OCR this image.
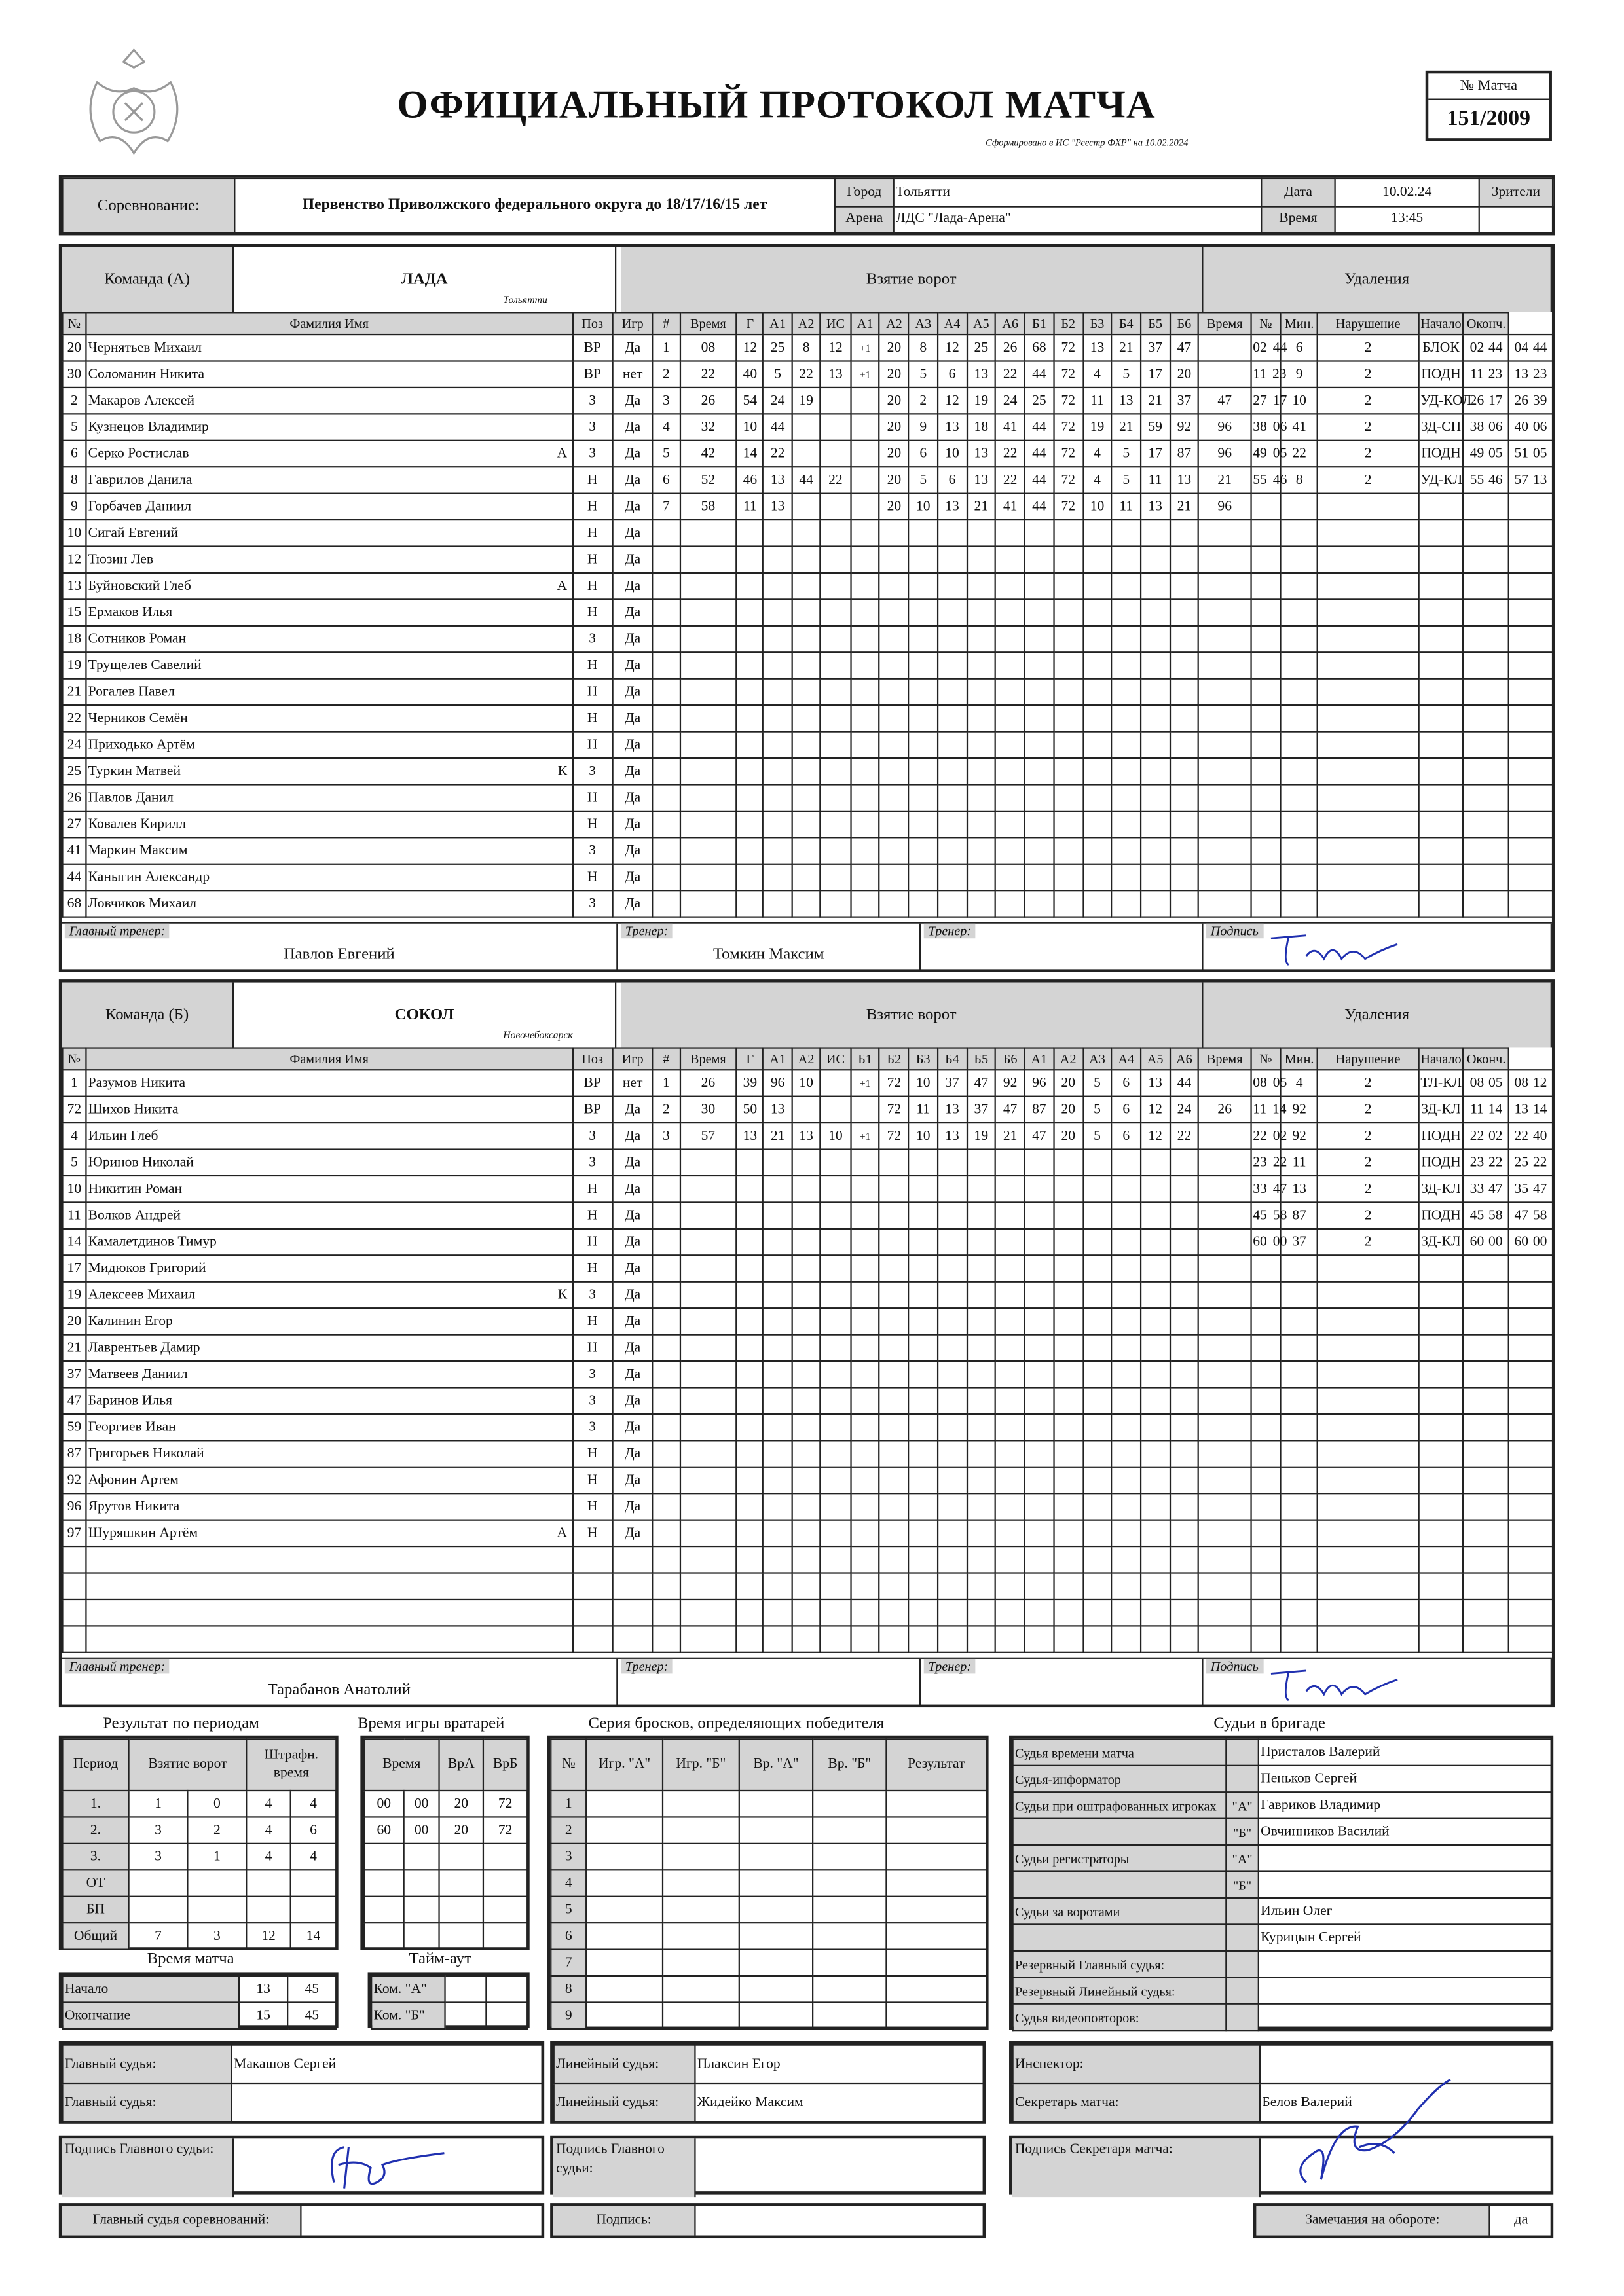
ОФИЦИАЛЬНЫЙ ПРОТОКОЛ МАТЧА
Сформировано в ИС "Реестр ФХР" на 10.02.2024
№ Матча
151/2009
Соревнование:	Первенство Приволжского федерального округа до 18/17/16/15 лет	Город	Тольятти	Дата	10.02.24	Зрители
		Арена	ЛДС "Лада-Арена"	Время	13:45	
Команда (А)	ЛАДА	Взятие ворот	Удаления
Тольятти
№	Фамилия Имя	Поз	Игр	#	Время	Г	А1	А2	ИС	А1	А2	А3	А4	А5	А6	Б1	Б2	Б3	Б4	Б5	Б6	Время	№	Мин.	Нарушение	Начало	Оконч.	
20	Чернятьев Михаил	ВР	Да	1	08	12	25	8	12	+1	20	8	12	25	26	68	72	13	21	37	47		02 44	6	2	БЛОК	02 44	04 44
30	Соломанин Никита	ВР	нет	2	22	40	5	22	13	+1	20	5	6	13	22	44	72	4	5	17	20		11 23	9	2	ПОДН	11 23	13 23
2	Макаров Алексей	З	Да	3	26	54	24	19			20	2	12	19	24	25	72	11	13	21	37	47	27 17	10	2	УД-КОЛ	26 17	26 39
5	Кузнецов Владимир	З	Да	4	32	10	44				20	9	13	18	41	44	72	19	21	59	92	96	38 06	41	2	ЗД-СП	38 06	40 06
6	Серко Ростислав А	З	Да	5	42	14	22				20	6	10	13	22	44	72	4	5	17	87	96	49 05	22	2	ПОДН	49 05	51 05
8	Гаврилов Данила	Н	Да	6	52	46	13	44	22		20	5	6	13	22	44	72	4	5	11	13	21	55 46	8	2	УД-КЛ	55 46	57 13
9	Горбачев Даниил	Н	Да	7	58	11	13				20	10	13	21	41	44	72	10	11	13	21	96						
10	Сигай Евгений	Н	Да																									
12	Тюзин Лев	Н	Да																									
13	Буйновский Глеб А	Н	Да																									
15	Ермаков Илья	Н	Да																									
18	Сотников Роман	З	Да																									
19	Трущелев Савелий	Н	Да																									
21	Рогалев Павел	Н	Да																									
22	Черников Семён	Н	Да																									
24	Приходько Артём	Н	Да																									
25	Туркин Матвей К	З	Да																									
26	Павлов Данил	Н	Да																									
27	Ковалев Кирилл	Н	Да																									
41	Маркин Максим	З	Да																									
44	Каныгин Александр	Н	Да																									
68	Ловчиков Михаил	З	Да																									
Главный тренер:
Павлов Евгений
Тренер:
Томкин Максим
Тренер:	Подпись
Команда (Б)	СОКОЛ	Взятие ворот	Удаления
Новочебоксарск
№	Фамилия Имя	Поз	Игр	#	Время	Г	А1	А2	ИС	Б1	Б2	Б3	Б4	Б5	Б6	А1	А2	А3	А4	А5	А6	Время	№	Мин.	Нарушение	Начало	Оконч.	
1	Разумов Никита	ВР	нет	1	26	39	96	10		+1	72	10	37	47	92	96	20	5	6	13	44		08 05	4	2	ТЛ-КЛ	08 05	08 12
72	Шихов Никита	ВР	Да	2	30	50	13				72	11	13	37	47	87	20	5	6	12	24	26	11 14	92	2	ЗД-КЛ	11 14	13 14
4	Ильин Глеб	З	Да	3	57	13	21	13	10	+1	72	10	13	19	21	47	20	5	6	12	22		22 02	92	2	ПОДН	22 02	22 40
5	Юринов Николай	З	Да																				23 22	11	2	ПОДН	23 22	25 22
10	Никитин Роман	Н	Да																				33 47	13	2	ЗД-КЛ	33 47	35 47
11	Волков Андрей	Н	Да																				45 58	87	2	ПОДН	45 58	47 58
14	Камалетдинов Тимур	Н	Да																				60 00	37	2	ЗД-КЛ	60 00	60 00
17	Мидюков Григорий	Н	Да																									
19	Алексеев Михаил К	З	Да																									
20	Калинин Егор	Н	Да																									
21	Лаврентьев Дамир	Н	Да																									
37	Матвеев Даниил	З	Да																									
47	Баринов Илья	З	Да																									
59	Георгиев Иван	З	Да																									
87	Григорьев Николай	Н	Да																									
92	Афонин Артем	Н	Да																									
96	Ярутов Никита	Н	Да																									
97	Шуряшкин Артём А	Н	Да																									

Главный тренер:
Тарабанов Анатолий
Тренер:	Тренер:	Подпись
Результат по периодам	Время игры вратарей	Серия бросков, определяющих победителя	Судьи в бригаде
Период	Взятие ворот		Штрафн. время	
1.	1	0	4	4
2.	3	2	4	6
3.	3	1	4	4
ОТ				
БП				
Общий	7	3	12	14
Время		ВрА	ВрБ
00	00	20	72
60	00	20	72

№	Игр. "А"	Игр. "Б"	Вр. "А"	Вр. "Б"	Результат
1					
2					
3					
4					
5					
6					
7					
8					
9					
Судья времени матча		Присталов Валерий
Судья-информатор		Пеньков Сергей
Судьи при оштрафованных игроках	"А"	Гавриков Владимир
	"Б"	Овчинников Василий
Судьи регистраторы	"А"	
	"Б"	
Судьи за воротами		Ильин Олег
		Курицын Сергей
Резервный Главный судья:		
Резервный Линейный судья:		
Судья видеоповторов:		
Время матча	Тайм-аут
Начало	13	45
Окончание	15	45
Ком. "А"		
Ком. "Б"		
Главный судья:	Макашов Сергей
Главный судья:	
Линейный судья:	Плаксин Егор
Линейный судья:	Жидейко Максим
Инспектор:	
Секретарь матча:	Белов Валерий
Подпись Главного судьи:	Подпись Главного судьи:
Подпись Секретаря матча:
Главный судья соревнований:	Подпись:	Замечания на обороте:	да
